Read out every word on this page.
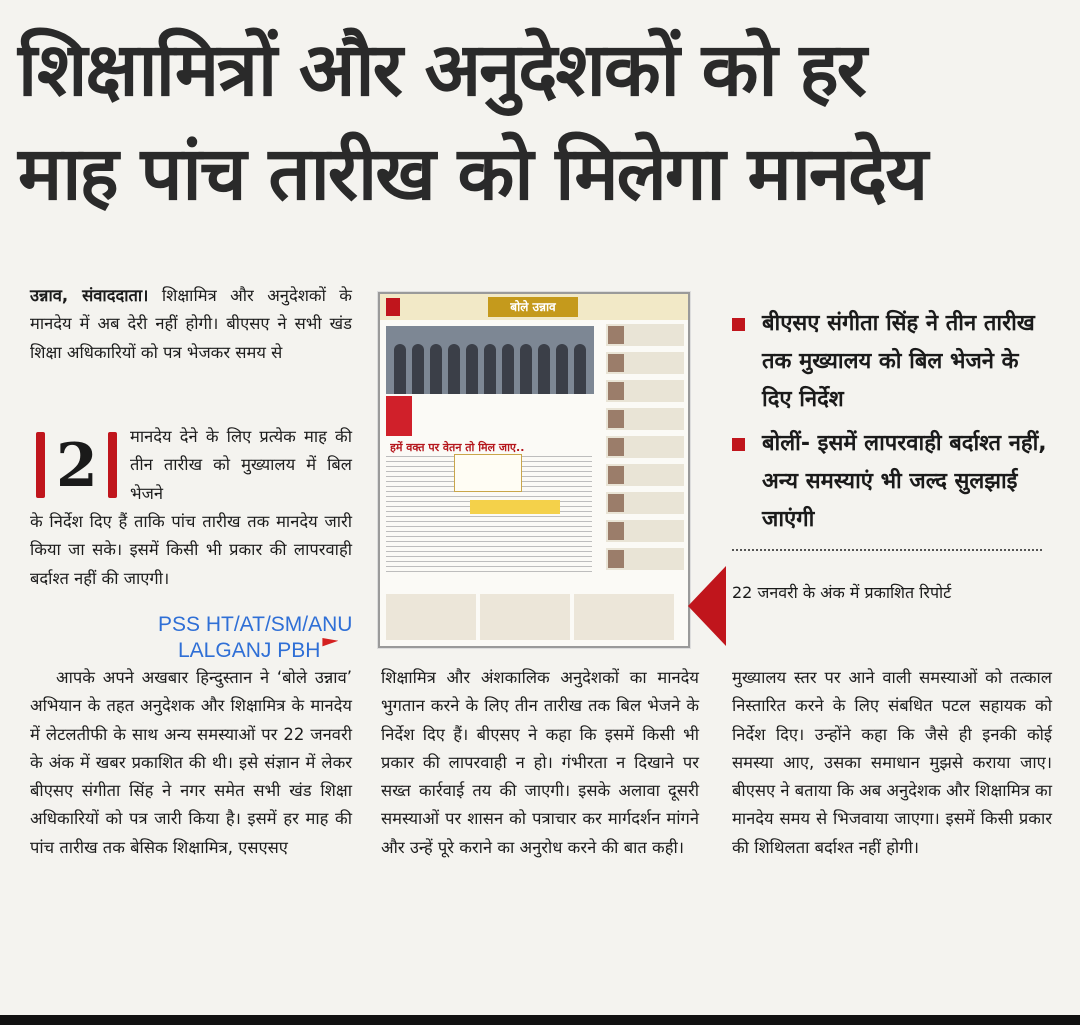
शिक्षामित्रों और अनुदेशकों को हर
माह पांच तारीख को मिलेगा मानदेय

उन्नाव, संवाददाता। शिक्षामित्र और अनुदेशकों के मानदेय में अब देरी नहीं होगी। बीएसए ने सभी खंड शिक्षा अधिकारियों को पत्र भेजकर समय से

2 मानदेय देने के लिए प्रत्येक माह की तीन तारीख को मुख्यालय में बिल भेजने

के निर्देश दिए हैं ताकि पांच तारीख तक मानदेय जारी किया जा सके। इसमें किसी भी प्रकार की लापरवाही बर्दाश्त नहीं की जाएगी।

आपके अपने अखबार हिन्दुस्तान ने ‘बोले उन्नाव’ अभियान के तहत अनुदेशक और शिक्षामित्र के मानदेय में लेटलतीफी के साथ अन्य समस्याओं पर 22 जनवरी के अंक में खबर प्रकाशित की थी। इसे संज्ञान में लेकर बीएसए संगीता सिंह ने नगर समेत सभी खंड शिक्षा अधिकारियों को पत्र जारी किया है। इसमें हर माह की पांच तारीख तक बेसिक शिक्षामित्र, एसएसए

शिक्षामित्र और अंशकालिक अनुदेशकों का मानदेय भुगतान करने के लिए तीन तारीख तक बिल भेजने के निर्देश दिए हैं। बीएसए ने कहा कि इसमें किसी भी प्रकार की लापरवाही न हो। गंभीरता न दिखाने पर सख्त कार्रवाई तय की जाएगी। इसके अलावा दूसरी समस्याओं पर शासन को पत्राचार कर मार्गदर्शन मांगने और उन्हें पूरे कराने का अनुरोध करने की बात कही।

मुख्यालय स्तर पर आने वाली समस्याओं को तत्काल निस्तारित करने के लिए संबधित पटल सहायक को निर्देश दिए। उन्होंने कहा कि जैसे ही इनकी कोई समस्या आए, उसका समाधान मुझसे कराया जाए। बीएसए ने बताया कि अब अनुदेशक और शिक्षामित्र का मानदेय समय से भिजवाया जाएगा। इसमें किसी प्रकार की शिथिलता बर्दाश्त नहीं होगी।

बोले उन्नाव
हमें वक्त पर वेतन तो मिल जाए..
बीएसए संगीता सिंह ने तीन तारीख तक मुख्यालय को बिल भेजने के दिए निर्देश
बोलीं- इसमें लापरवाही बर्दाश्त नहीं, अन्य समस्याएं भी जल्द सुलझाई जाएंगी
22 जनवरी के अंक में प्रकाशित रिपोर्ट
PSS HT/AT/SM/ANU
LALGANJ PBH
